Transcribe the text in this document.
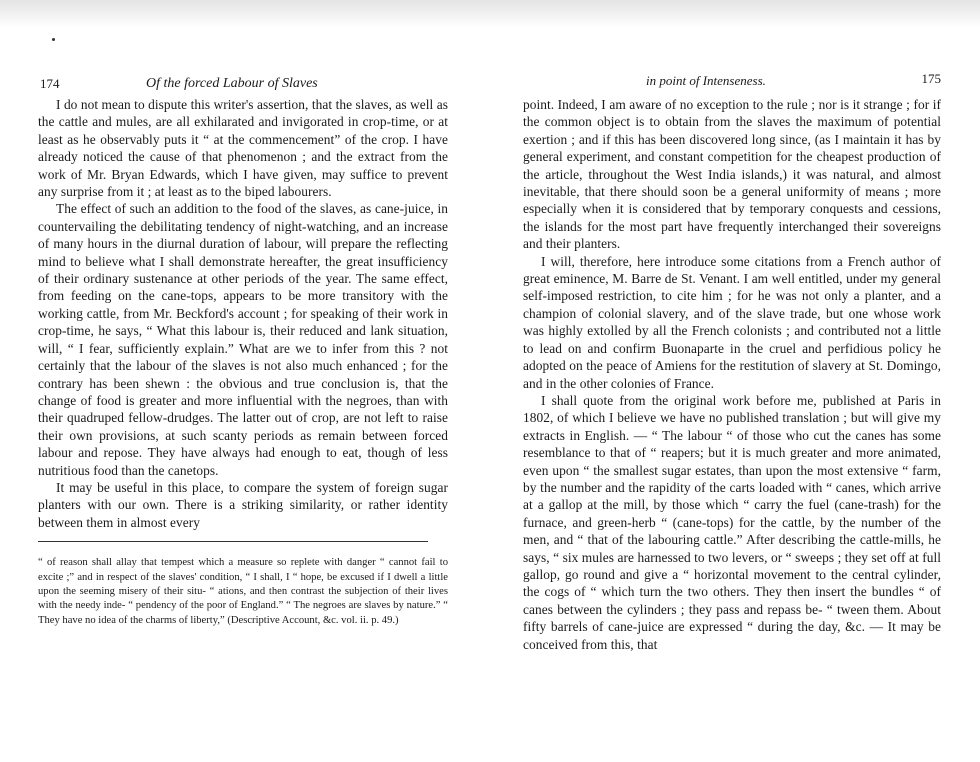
174	Of the forced Labour of Slaves

I do not mean to dispute this writer's assertion, that the slaves, as well as the cattle and mules, are all exhilarated and invigorated in crop-time, or at least as he observably puts it “ at the commencement” of the crop. I have already noticed the cause of that phenomenon ; and the extract from the work of Mr. Bryan Edwards, which I have given, may suffice to prevent any surprise from it ; at least as to the biped labourers.

The effect of such an addition to the food of the slaves, as cane-juice, in countervailing the debilitating tendency of night-watching, and an increase of many hours in the diurnal duration of labour, will prepare the reflecting mind to believe what I shall demonstrate hereafter, the great insufficiency of their ordinary sustenance at other periods of the year. The same effect, from feeding on the cane-tops, appears to be more transitory with the working cattle, from Mr. Beckford's account ; for speaking of their work in crop-time, he says, “ What this labour is, their reduced and lank situation, will, “ I fear, sufficiently explain.” What are we to infer from this ? not certainly that the labour of the slaves is not also much enhanced ; for the contrary has been shewn : the obvious and true conclusion is, that the change of food is greater and more influential with the negroes, than with their quadruped fellow-drudges. The latter out of crop, are not left to raise their own provisions, at such scanty periods as remain between forced labour and repose. They have always had enough to eat, though of less nutritious food than the canetops.

It may be useful in this place, to compare the system of foreign sugar planters with our own. There is a striking similarity, or rather identity between them in almost every

“ of reason shall allay that tempest which a measure so replete with danger “ cannot fail to excite ;” and in respect of the slaves' condition, “ I shall, I “ hope, be excused if I dwell a little upon the seeming misery of their situ- “ ations, and then contrast the subjection of their lives with the needy inde- “ pendency of the poor of England.” “ The negroes are slaves by nature.” “ They have no idea of the charms of liberty,” (Descriptive Account, &c. vol. ii. p. 49.)

in point of Intenseness.	175

point. Indeed, I am aware of no exception to the rule ; nor is it strange ; for if the common object is to obtain from the slaves the maximum of potential exertion ; and if this has been discovered long since, (as I maintain it has by general experiment, and constant competition for the cheapest production of the article, throughout the West India islands,) it was natural, and almost inevitable, that there should soon be a general uniformity of means ; more especially when it is considered that by temporary conquests and cessions, the islands for the most part have frequently interchanged their sovereigns and their planters.

I will, therefore, here introduce some citations from a French author of great eminence, M. Barre de St. Venant. I am well entitled, under my general self-imposed restriction, to cite him ; for he was not only a planter, and a champion of colonial slavery, and of the slave trade, but one whose work was highly extolled by all the French colonists ; and contributed not a little to lead on and confirm Buonaparte in the cruel and perfidious policy he adopted on the peace of Amiens for the restitution of slavery at St. Domingo, and in the other colonies of France.

I shall quote from the original work before me, published at Paris in 1802, of which I believe we have no published translation ; but will give my extracts in English. — “ The labour “ of those who cut the canes has some resemblance to that of “ reapers; but it is much greater and more animated, even upon “ the smallest sugar estates, than upon the most extensive “ farm, by the number and the rapidity of the carts loaded with “ canes, which arrive at a gallop at the mill, by those which “ carry the fuel (cane-trash) for the furnace, and green-herb “ (cane-tops) for the cattle, by the number of the men, and “ that of the labouring cattle.” After describing the cattle-mills, he says, “ six mules are harnessed to two levers, or “ sweeps ; they set off at full gallop, go round and give a “ horizontal movement to the central cylinder, the cogs of “ which turn the two others. They then insert the bundles “ of canes between the cylinders ; they pass and repass be- “ tween them. About fifty barrels of cane-juice are expressed “ during the day, &c. — It may be conceived from this, that
